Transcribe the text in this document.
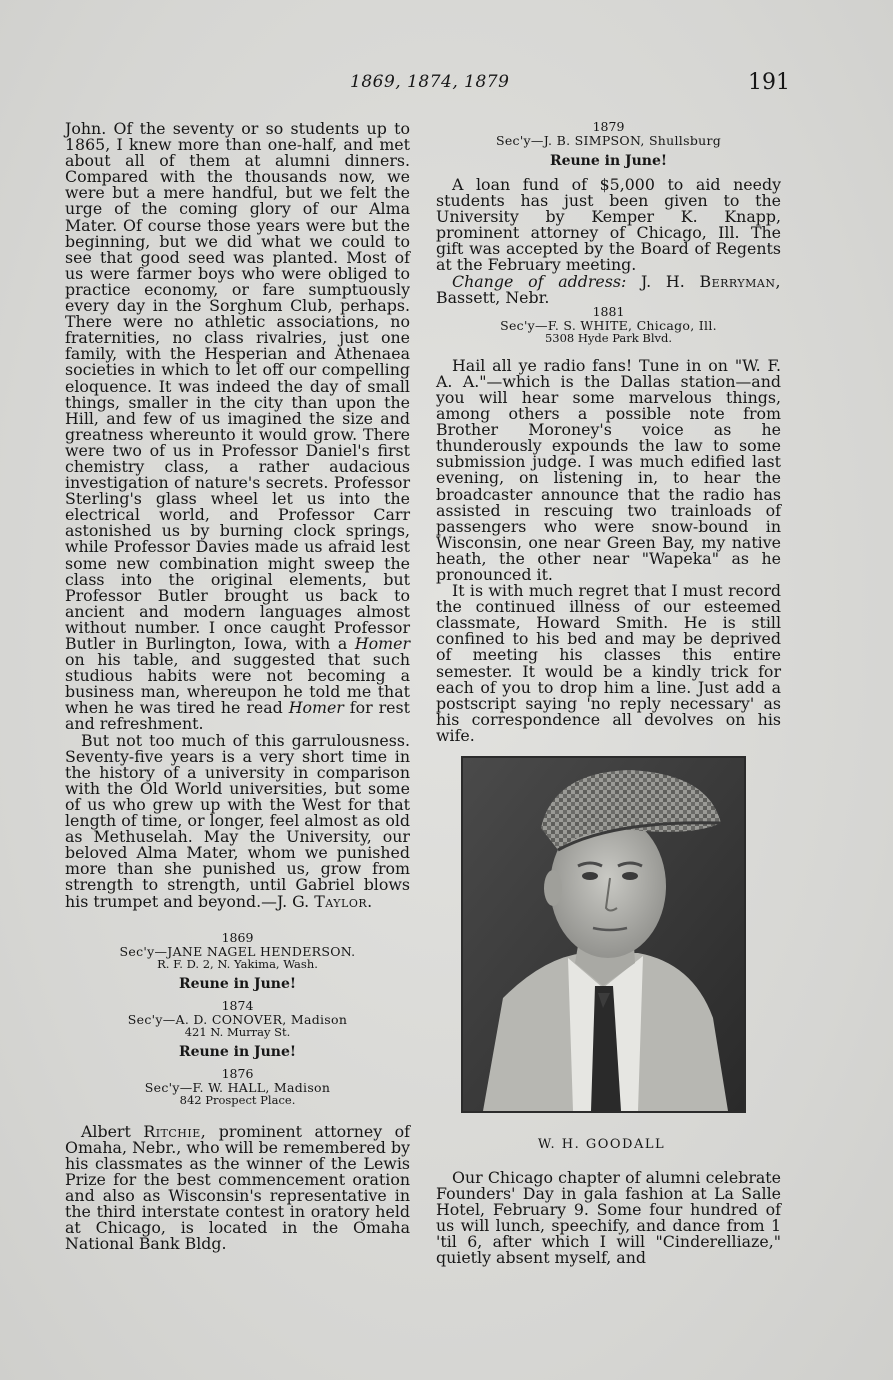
1869, 1874, 1879	191

John. Of the seventy or so students up to 1865, I knew more than one-half, and met about all of them at alumni dinners. Compared with the thousands now, we were but a mere handful, but we felt the urge of the coming glory of our Alma Mater. Of course those years were but the beginning, but we did what we could to see that good seed was planted. Most of us were farmer boys who were obliged to practice economy, or fare sumptuously every day in the Sorghum Club, perhaps. There were no athletic associations, no fraternities, no class rivalries, just one family, with the Hesperian and Athenaea societies in which to let off our compelling eloquence. It was indeed the day of small things, smaller in the city than upon the Hill, and few of us imagined the size and greatness whereunto it would grow. There were two of us in Professor Daniel's first chemistry class, a rather audacious investigation of nature's secrets. Professor Sterling's glass wheel let us into the electrical world, and Professor Carr astonished us by burning clock springs, while Professor Davies made us afraid lest some new combination might sweep the class into the original elements, but Professor Butler brought us back to ancient and modern languages almost without number. I once caught Professor Butler in Burlington, Iowa, with a Homer on his table, and suggested that such studious habits were not becoming a business man, whereupon he told me that when he was tired he read Homer for rest and refreshment.

But not too much of this garrulousness. Seventy-five years is a very short time in the history of a university in comparison with the Old World universities, but some of us who grew up with the West for that length of time, or longer, feel almost as old as Methuselah. May the University, our beloved Alma Mater, whom we punished more than she punished us, grow from strength to strength, until Gabriel blows his trumpet and beyond.—J. G. Taylor.

1869
Sec'y—JANE NAGEL HENDERSON.
R. F. D. 2, N. Yakima, Wash.
Reune in June!
1874
Sec'y—A. D. CONOVER, Madison
421 N. Murray St.
Reune in June!
1876
Sec'y—F. W. HALL, Madison
842 Prospect Place.

Albert Ritchie, prominent attorney of Omaha, Nebr., who will be remembered by his classmates as the winner of the Lewis Prize for the best commencement oration and also as Wisconsin's representative in the third interstate contest in oratory held at Chicago, is located in the Omaha National Bank Bldg.

1879
Sec'y—J. B. SIMPSON, Shullsburg
Reune in June!

A loan fund of $5,000 to aid needy students has just been given to the University by Kemper K. Knapp, prominent attorney of Chicago, Ill. The gift was accepted by the Board of Regents at the February meeting.

Change of address: J. H. Berryman, Bassett, Nebr.

1881
Sec'y—F. S. WHITE, Chicago, Ill.
5308 Hyde Park Blvd.

Hail all ye radio fans! Tune in on "W. F. A. A."—which is the Dallas station—and you will hear some marvelous things, among others a possible note from Brother Moroney's voice as he thunderously expounds the law to some submission judge. I was much edified last evening, on listening in, to hear the broadcaster announce that the radio has assisted in rescuing two trainloads of passengers who were snow-bound in Wisconsin, one near Green Bay, my native heath, the other near "Wapeka" as he pronounced it.

It is with much regret that I must record the continued illness of our esteemed classmate, Howard Smith. He is still confined to his bed and may be deprived of meeting his classes this entire semester. It would be a kindly trick for each of you to drop him a line. Just add a postscript saying 'no reply necessary' as his correspondence all devolves on his wife.

W. H. GOODALL

Our Chicago chapter of alumni celebrate Founders' Day in gala fashion at La Salle Hotel, February 9. Some four hundred of us will lunch, speechify, and dance from 1 'til 6, after which I will "Cinderelliaze," quietly absent myself, and
